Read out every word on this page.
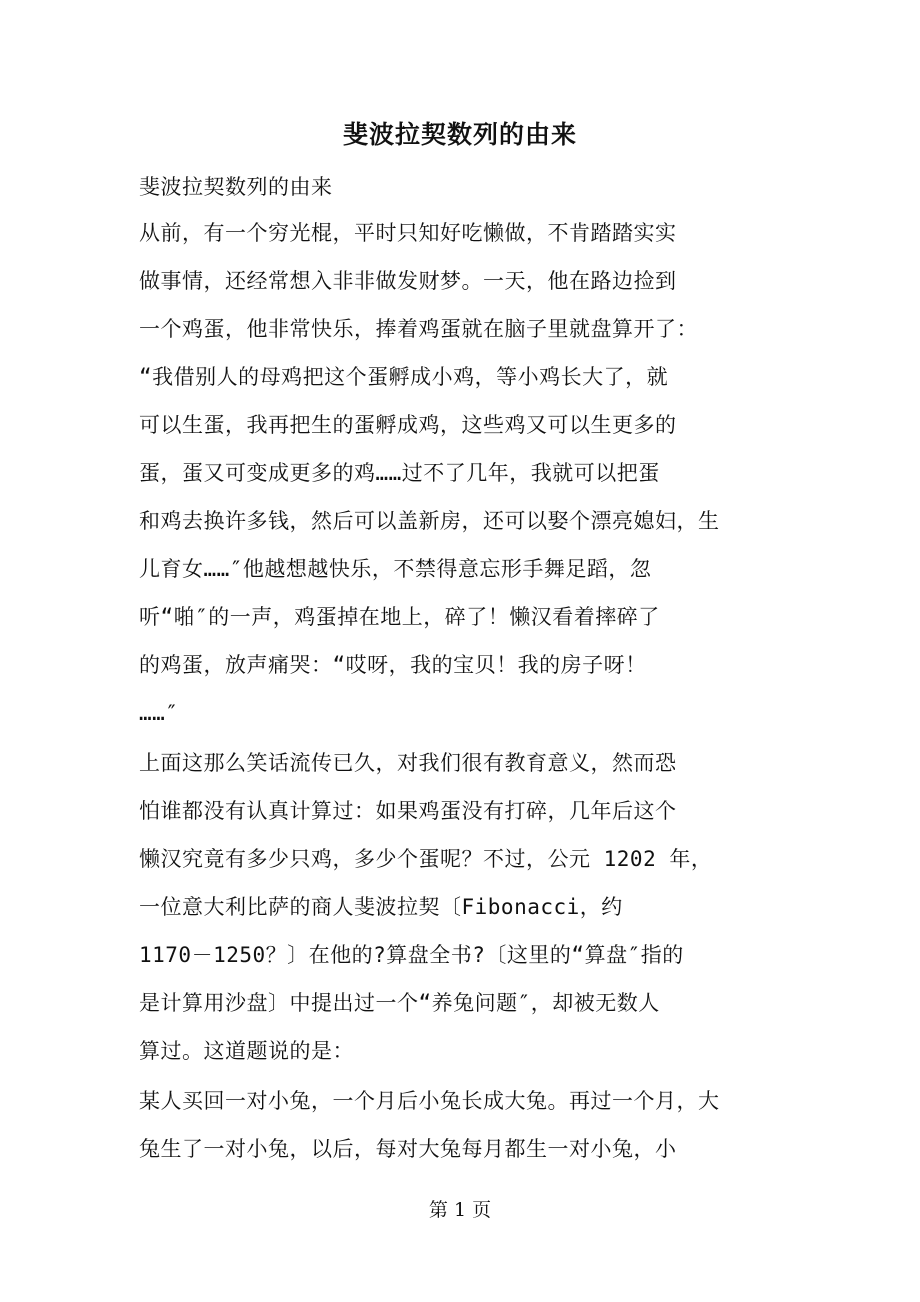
斐波拉契数列的由来
斐波拉契数列的由来
从前，有一个穷光棍，平时只知好吃懒做，不肯踏踏实实
做事情，还经常想入非非做发财梦。一天，他在路边捡到
一个鸡蛋，他非常快乐，捧着鸡蛋就在脑子里就盘算开了：
“我借别人的母鸡把这个蛋孵成小鸡，等小鸡长大了，就
可以生蛋，我再把生的蛋孵成鸡，这些鸡又可以生更多的
蛋，蛋又可变成更多的鸡……过不了几年，我就可以把蛋
和鸡去换许多钱，然后可以盖新房，还可以娶个漂亮媳妇，生
儿育女……″他越想越快乐，不禁得意忘形手舞足蹈，忽
听“啪″的一声，鸡蛋掉在地上，碎了！懒汉看着摔碎了
的鸡蛋，放声痛哭：“哎呀，我的宝贝！我的房子呀！
……″
上面这那么笑话流传已久，对我们很有教育意义，然而恐
怕谁都没有认真计算过：如果鸡蛋没有打碎，几年后这个
懒汉究竟有多少只鸡，多少个蛋呢？不过，公元 1202 年，
一位意大利比萨的商人斐波拉契〔Fibonacci，约
1170－1250？〕在他的?算盘全书?〔这里的“算盘″指的
是计算用沙盘〕中提出过一个“养兔问题″，却被无数人
算过。这道题说的是：
某人买回一对小兔，一个月后小兔长成大兔。再过一个月，大
兔生了一对小兔，以后，每对大兔每月都生一对小兔，小
第 1 页
